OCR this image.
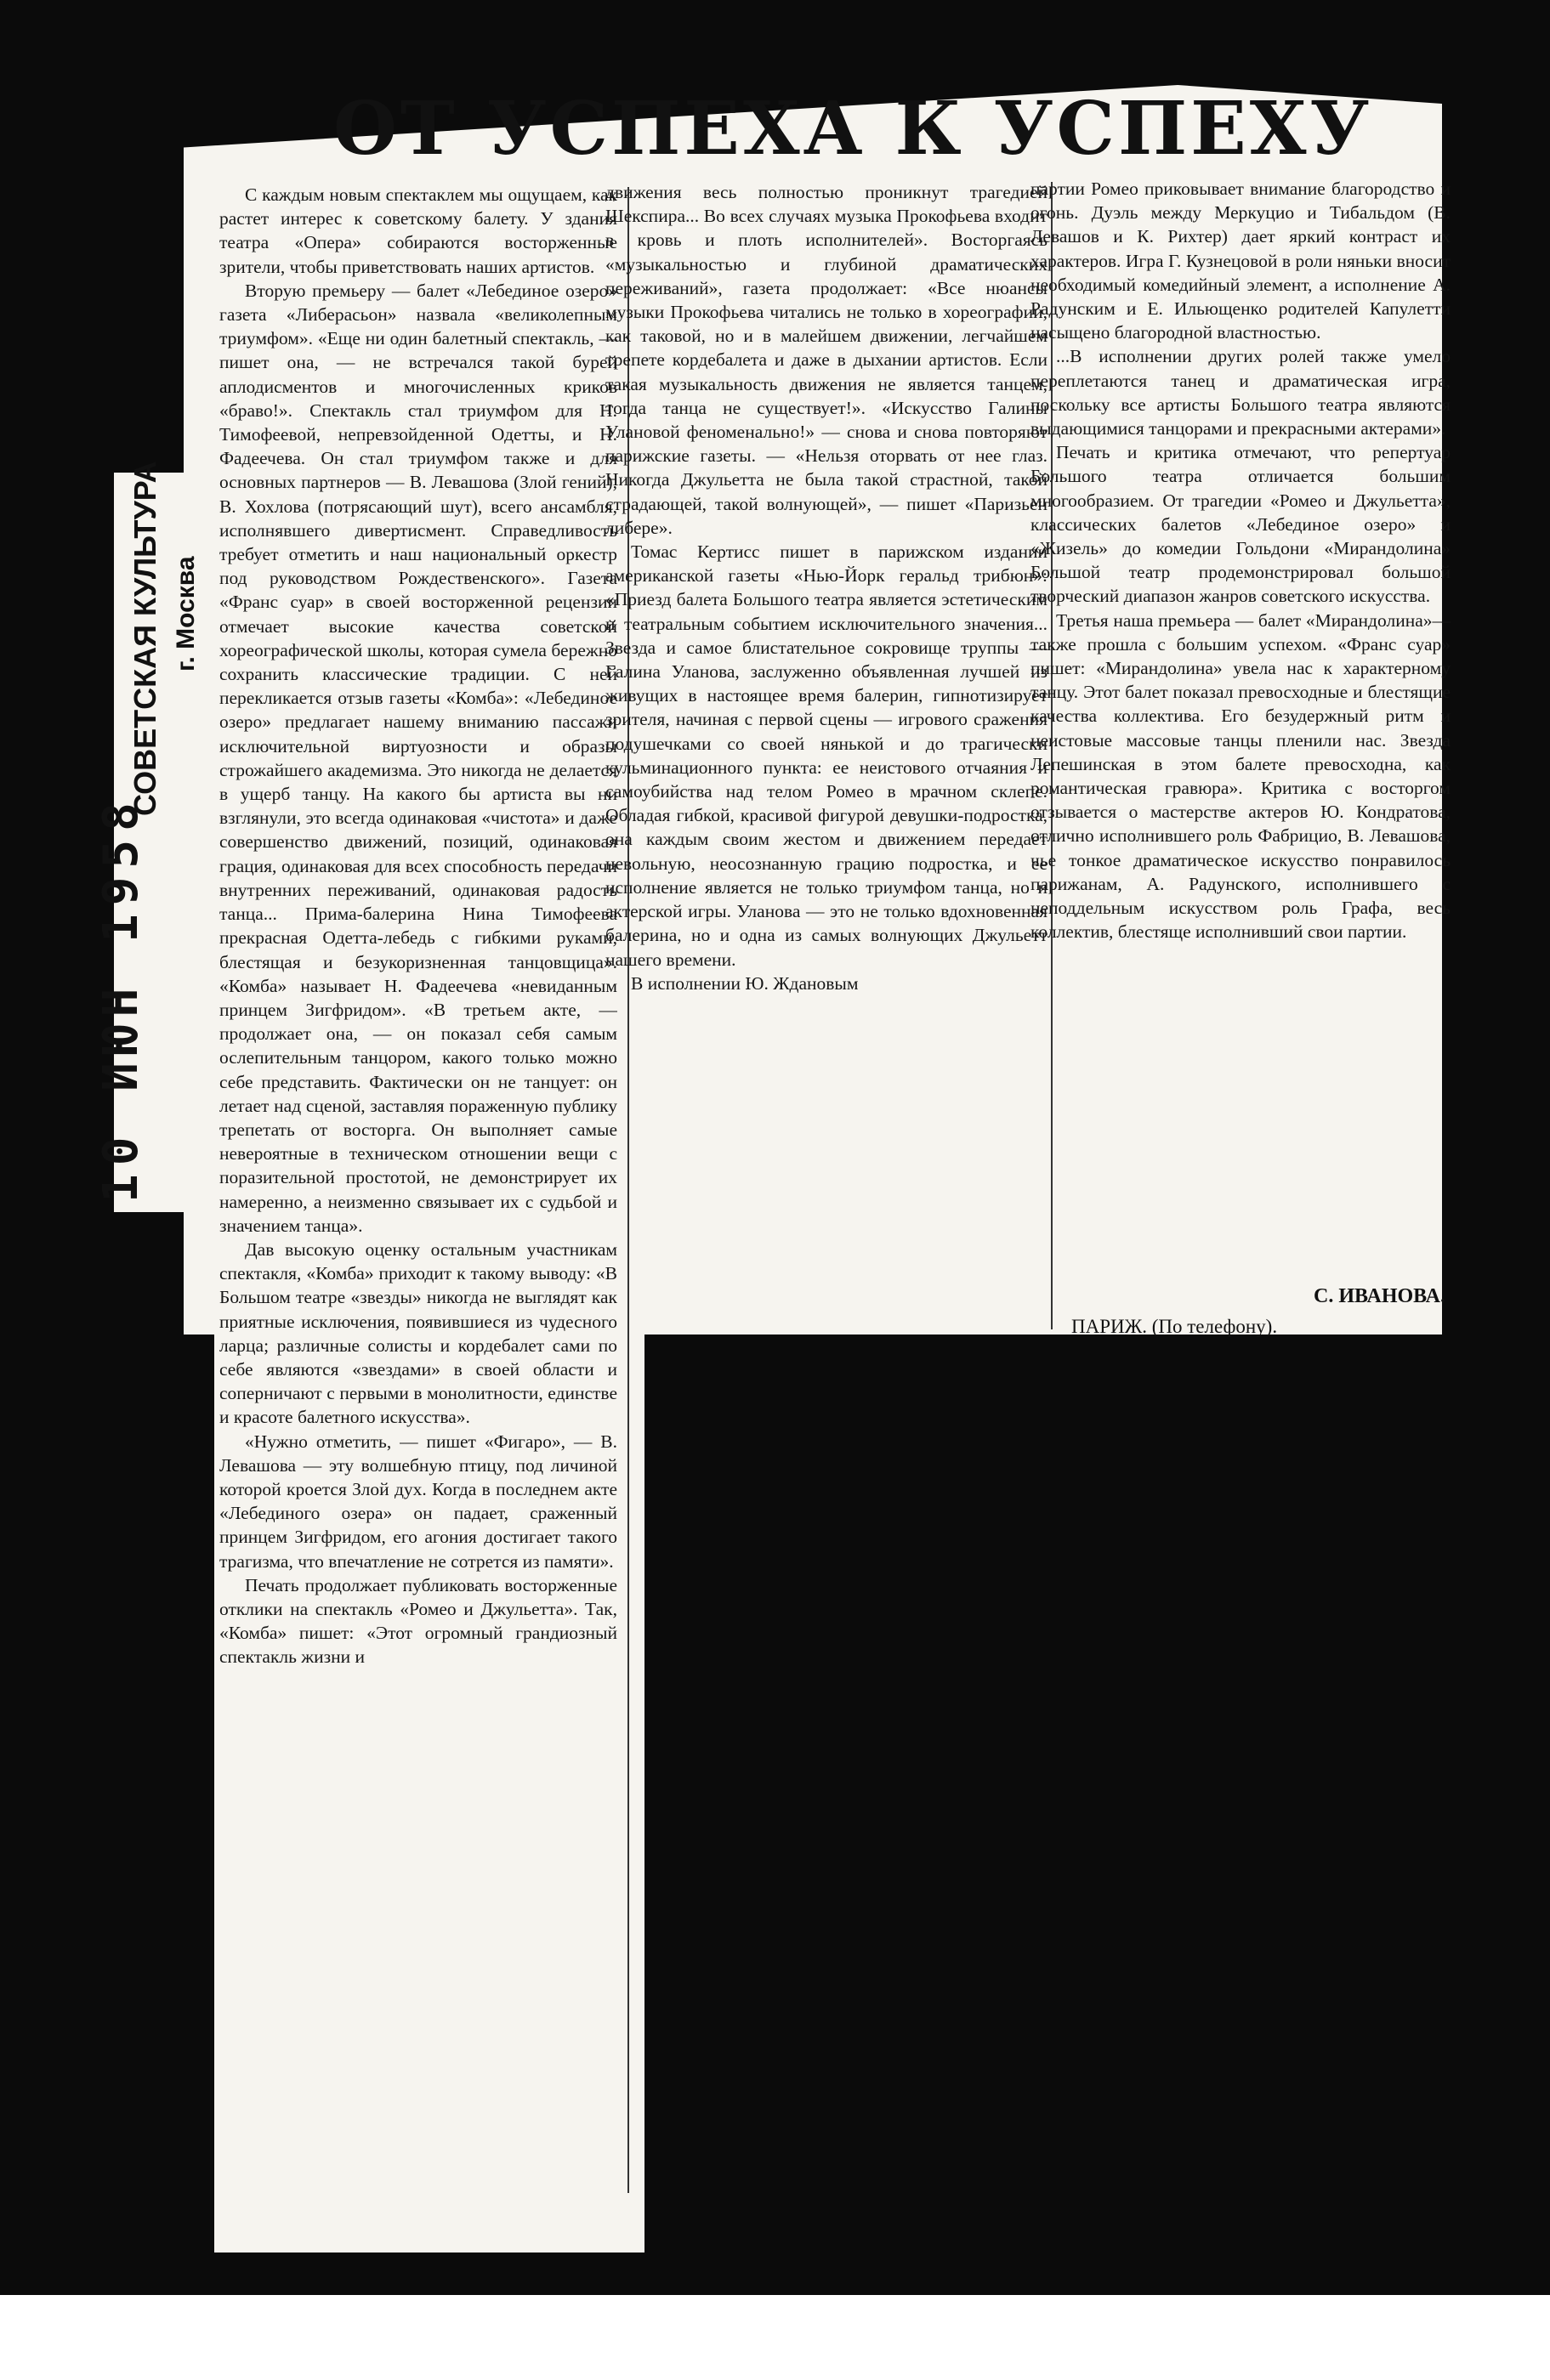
ОТ УСПЕХА К УСПЕХУ

С каждым новым спектаклем мы ощущаем, как растет интерес к советскому балету. У здания театра «Опера» собираются восторженные зрители, чтобы приветствовать наших артистов.

Вторую премьеру — балет «Лебединое озеро» газета «Либерасьон» назвала «великолепным триумфом». «Еще ни один балетный спектакль, — пишет она, — не встречался такой бурей аплодисментов и многочисленных криков «браво!». Спектакль стал триумфом для Н. Тимофеевой, непревзойденной Одетты, и Н. Фадеечева. Он стал триумфом также и для основных партнеров — В. Левашова (Злой гений), В. Хохлова (потрясающий шут), всего ансамбля, исполнявшего дивертисмент. Справедливость требует отметить и наш национальный оркестр под руководством Рождественского». Газета «Франс суар» в своей восторженной рецензии отмечает высокие качества советской хореографической школы, которая сумела бережно сохранить классические традиции. С ней перекликается отзыв газеты «Комба»: «Лебединое озеро» предлагает нашему вниманию пассажи исключительной виртуозности и образы строжайшего академизма. Это никогда не делается в ущерб танцу. На какого бы артиста вы ни взглянули, это всегда одинаковая «чистота» и даже совершенство движений, позиций, одинаковая грация, одинаковая для всех способность передачи внутренних переживаний, одинаковая радость танца... Прима-балерина Нина Тимофеева прекрасная Одетта-лебедь с гибкими руками, блестящая и безукоризненная танцовщица». «Комба» называет Н. Фадеечева «невиданным принцем Зигфридом». «В третьем акте, — продолжает она, — он показал себя самым ослепительным танцором, какого только можно себе представить. Фактически он не танцует: он летает над сценой, заставляя пораженную публику трепетать от восторга. Он выполняет самые невероятные в техническом отношении вещи с поразительной простотой, не демонстрирует их намеренно, а неизменно связывает их с судьбой и значением танца».

Дав высокую оценку остальным участникам спектакля, «Комба» приходит к такому выводу: «В Большом театре «звезды» никогда не выглядят как приятные исключения, появившиеся из чудесного ларца; различные солисты и кордебалет сами по себе являются «звездами» в своей области и соперничают с первыми в монолитности, единстве и красоте балетного искусства».

«Нужно отметить, — пишет «Фигаро», — В. Левашова — эту волшебную птицу, под личиной которой кроется Злой дух. Когда в последнем акте «Лебединого озера» он падает, сраженный принцем Зигфридом, его агония достигает такого трагизма, что впечатление не сотрется из памяти».

Печать продолжает публиковать восторженные отклики на спектакль «Ромео и Джульетта». Так, «Комба» пишет: «Этот огромный грандиозный спектакль жизни и

движения весь полностью проникнут трагедией Шекспира... Во всех случаях музыка Прокофьева входит в кровь и плоть исполнителей». Восторгаясь «музыкальностью и глубиной драматических переживаний», газета продолжает: «Все нюансы музыки Прокофьева читались не только в хореографии, как таковой, но и в малейшем движении, легчайшем трепете кордебалета и даже в дыхании артистов. Если такая музыкальность движения не является танцем, тогда танца не существует!». «Искусство Галины Улановой феноменально!» — снова и снова повторяют парижские газеты. — «Нельзя оторвать от нее глаз. Никогда Джульетта не была такой страстной, такой страдающей, такой волнующей», — пишет «Паризьен либере».

Томас Кертисс пишет в парижском издании американской газеты «Нью-Йорк геральд трибюн»: «Приезд балета Большого театра является эстетическим и театральным событием исключительного значения... Звезда и самое блистательное сокровище труппы — Галина Уланова, заслуженно объявленная лучшей из живущих в настоящее время балерин, гипнотизирует зрителя, начиная с первой сцены — игрового сражения подушечками со своей нянькой и до трагически кульминационного пункта: ее неистового отчаяния и самоубийства над телом Ромео в мрачном склепе. Обладая гибкой, красивой фигурой девушки-подростка, она каждым своим жестом и движением передает невольную, неосознанную грацию подростка, и ее исполнение является не только триумфом танца, но и актерской игры. Уланова — это не только вдохновенная балерина, но и одна из самых волнующих Джульетт нашего времени.

В исполнении Ю. Ждановым

партии Ромео приковывает внимание благородство и огонь. Дуэль между Меркуцио и Тибальдом (В. Левашов и К. Рихтер) дает яркий контраст их характеров. Игра Г. Кузнецовой в роли няньки вносит необходимый комедийный элемент, а исполнение А. Радунским и Е. Ильющенко родителей Капулетти насыщено благородной властностью.

...В исполнении других ролей также умело переплетаются танец и драматическая игра, поскольку все артисты Большого театра являются выдающимися танцорами и прекрасными актерами».

Печать и критика отмечают, что репертуар Большого театра отличается большим многообразием. От трагедии «Ромео и Джульетта», классических балетов «Лебединое озеро» и «Жизель» до комедии Гольдони «Мирандолина» Большой театр продемонстрировал большой творческий диапазон жанров советского искусства.

Третья наша премьера — балет «Мирандолина»—также прошла с большим успехом. «Франс суар» пишет: «Мирандолина» увела нас к характерному танцу. Этот балет показал превосходные и блестящие качества коллектива. Его безудержный ритм и неистовые массовые танцы пленили нас. Звезда Лепешинская в этом балете превосходна, как романтическая гравюра». Критика с восторгом отзывается о мастерстве актеров Ю. Кондратова, отлично исполнившего роль Фабрицио, В. Левашова, чье тонкое драматическое искусство понравилось парижанам, А. Радунского, исполнившего с неподдельным искусством роль Графа, весь коллектив, блестяще исполнивший свои партии.

С. ИВАНОВА.
ПАРИЖ. (По телефону).
СОВЕТСКАЯ КУЛЬТУРА г. Москва
10 ИЮН 1958
